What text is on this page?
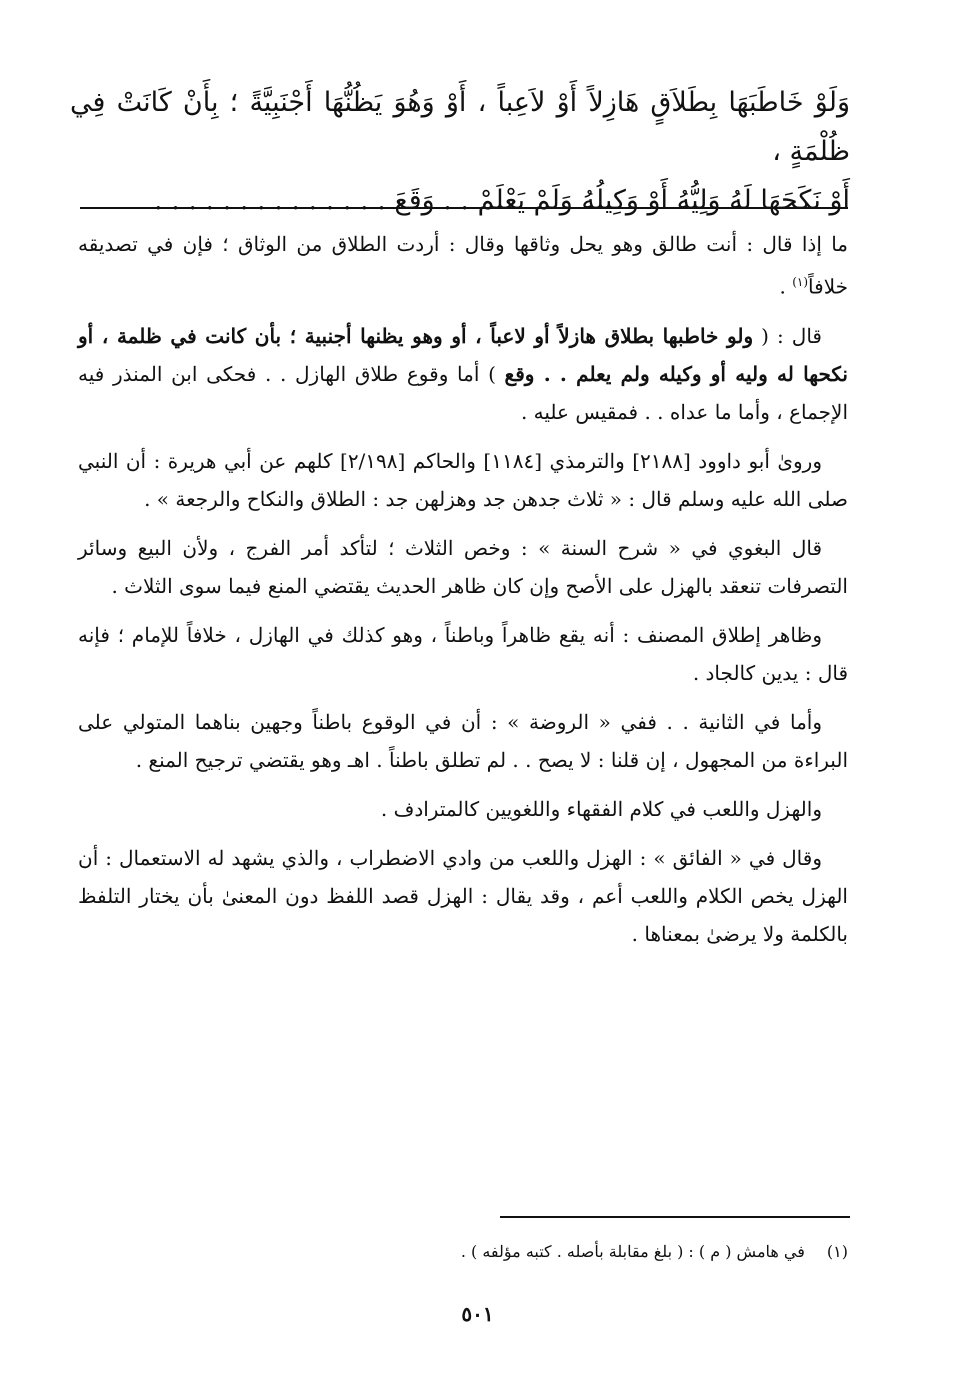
وَلَوْ خَاطَبَهَا بِطَلاَقٍ هَازِلاً أَوْ لاَعِباً ، أَوْ وَهُوَ يَظُنُّهَا أَجْنَبِيَّةً ؛ بِأَنْ كَانَتْ فِي ظُلْمَةٍ ،

أَوْ نَكَحَهَا لَهُ وَلِيُّهُ أَوْ وَكِيلُهُ وَلَمْ يَعْلَمْ . . وَقَعَ . . . . . . . . . . . . . .

ما إذا قال : أنت طالق وهو يحل وثاقها وقال : أردت الطلاق من الوثاق ؛ فإن في تصديقه خلافاً$^{(١)}$ .

قال : ( ولو خاطبها بطلاق هازلاً أو لاعباً ، أو وهو يظنها أجنبية ؛ بأن كانت في ظلمة ، أو نكحها له وليه أو وكيله ولم يعلم . . وقع ) أما وقوع طلاق الهازل . . فحكى ابن المنذر فيه الإجماع ، وأما ما عداه . . فمقيس عليه .

وروىٰ أبو داوود [٢١٨٨] والترمذي [١١٨٤] والحاكم [٢/١٩٨] كلهم عن أبي هريرة : أن النبي صلى الله عليه وسلم قال : « ثلاث جدهن جد وهزلهن جد : الطلاق والنكاح والرجعة » .

قال البغوي في « شرح السنة » : وخص الثلاث ؛ لتأكد أمر الفرج ، ولأن البيع وسائر التصرفات تنعقد بالهزل على الأصح وإن كان ظاهر الحديث يقتضي المنع فيما سوى الثلاث .

وظاهر إطلاق المصنف : أنه يقع ظاهراً وباطناً ، وهو كذلك في الهازل ، خلافاً للإمام ؛ فإنه قال : يدين كالجاد .

وأما في الثانية . . ففي « الروضة » : أن في الوقوع باطناً وجهين بناهما المتولي على البراءة من المجهول ، إن قلنا : لا يصح . . لم تطلق باطناً . اهـ وهو يقتضي ترجيح المنع .

والهزل واللعب في كلام الفقهاء واللغويين كالمترادف .

وقال في « الفائق » : الهزل واللعب من وادي الاضطراب ، والذي يشهد له الاستعمال : أن الهزل يخص الكلام واللعب أعم ، وقد يقال : الهزل قصد اللفظ دون المعنىٰ بأن يختار التلفظ بالكلمة ولا يرضىٰ بمعناها .

(١)في هامش ( م ) : ( بلغ مقابلة بأصله . كتبه مؤلفه ) .
٥٠١
